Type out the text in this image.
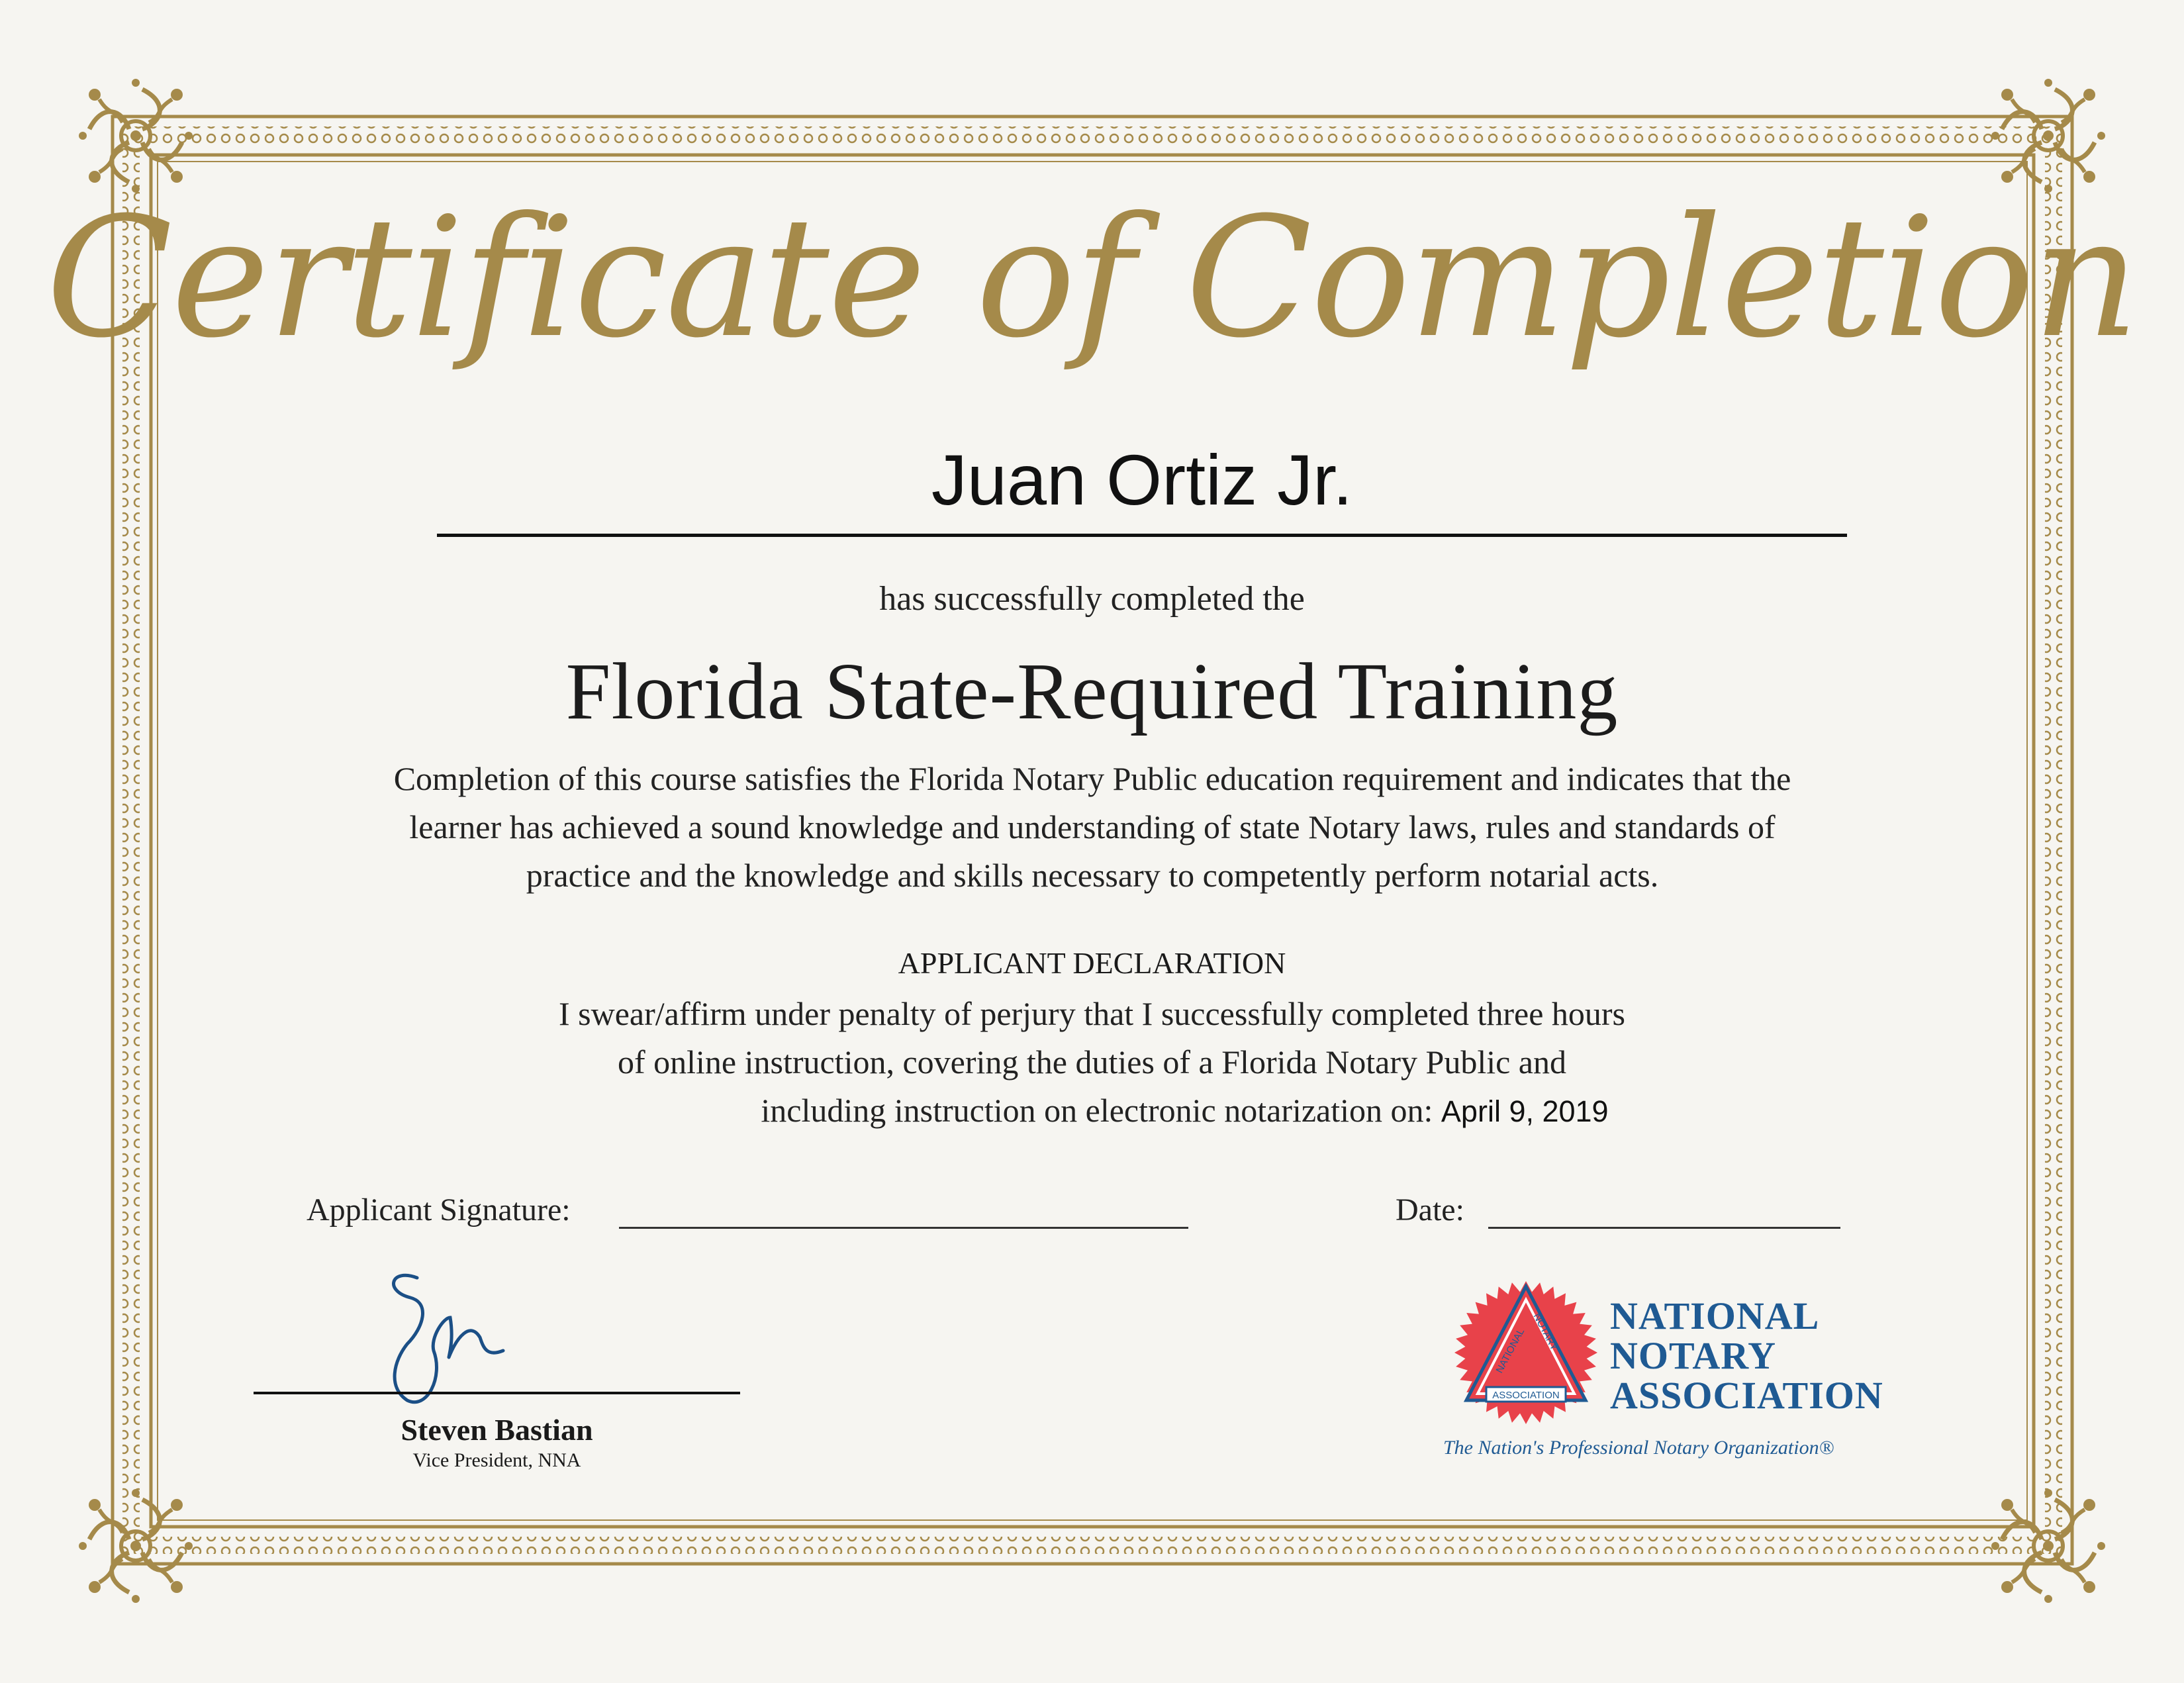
Certificate of Completion
Juan Ortiz Jr.
has successfully completed the
Florida State-Required Training
Completion of this course satisfies the Florida Notary Public education requirement and indicates that the
learner has achieved a sound knowledge and understanding of state Notary laws, rules and standards of
practice and the knowledge and skills necessary to competently perform notarial acts.
APPLICANT DECLARATION
I swear/affirm under penalty of perjury that I successfully completed three hours
of online instruction, covering the duties of a Florida Notary Public and
including instruction on electronic notarization on: April 9, 2019
Applicant Signature:	Date:
Steven Bastian
Vice President, NNA
ASSOCIATION
NATIONAL NOTARY NATIONAL
NOTARY
ASSOCIATION
The Nation's Professional Notary Organization®
